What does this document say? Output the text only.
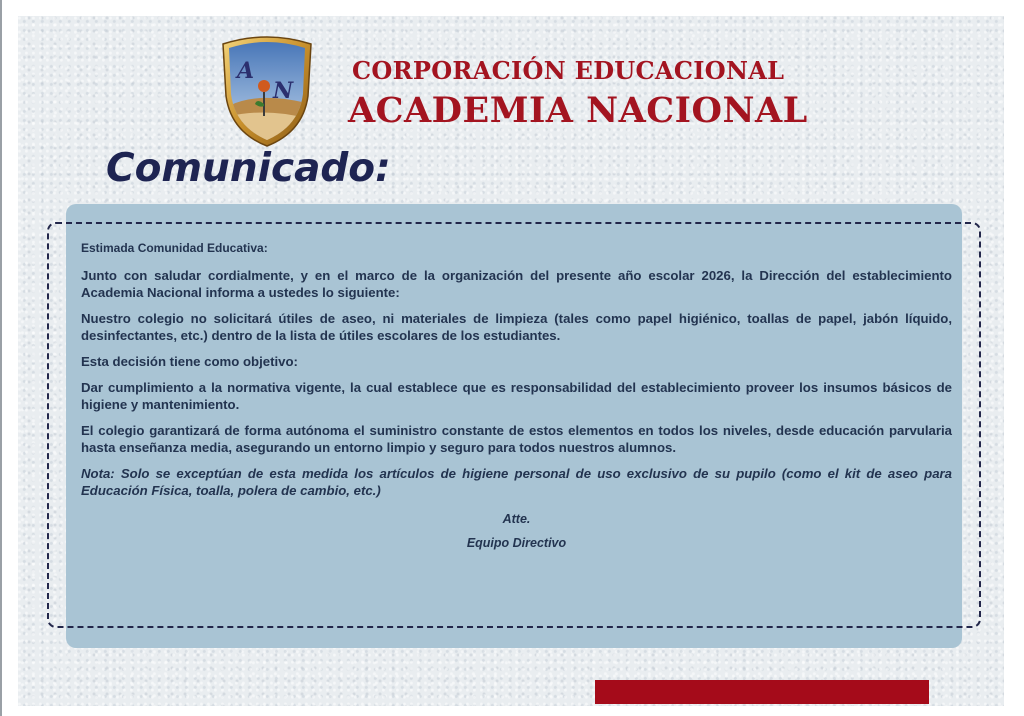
A
N
CORPORACIÓN EDUCACIONAL
ACADEMIA NACIONAL
Comunicado:

Estimada Comunidad Educativa:

Junto con saludar cordialmente, y en el marco de la organización del presente año escolar 2026, la Dirección del establecimiento Academia Nacional informa a ustedes lo siguiente:

Nuestro colegio no solicitará útiles de aseo, ni materiales de limpieza (tales como papel higiénico, toallas de papel, jabón líquido, desinfectantes, etc.) dentro de la lista de útiles escolares de los estudiantes.

Esta decisión tiene como objetivo:

Dar cumplimiento a la normativa vigente, la cual establece que es responsabilidad del establecimiento proveer los insumos básicos de higiene y mantenimiento.

El colegio garantizará de forma autónoma el suministro constante de estos elementos en todos los niveles, desde educación parvularia hasta enseñanza media, asegurando un entorno limpio y seguro para todos nuestros alumnos.

Nota: Solo se exceptúan de esta medida los artículos de higiene personal de uso exclusivo de su pupilo (como el kit de aseo para Educación Física, toalla, polera de cambio, etc.)

Atte.

Equipo Directivo
